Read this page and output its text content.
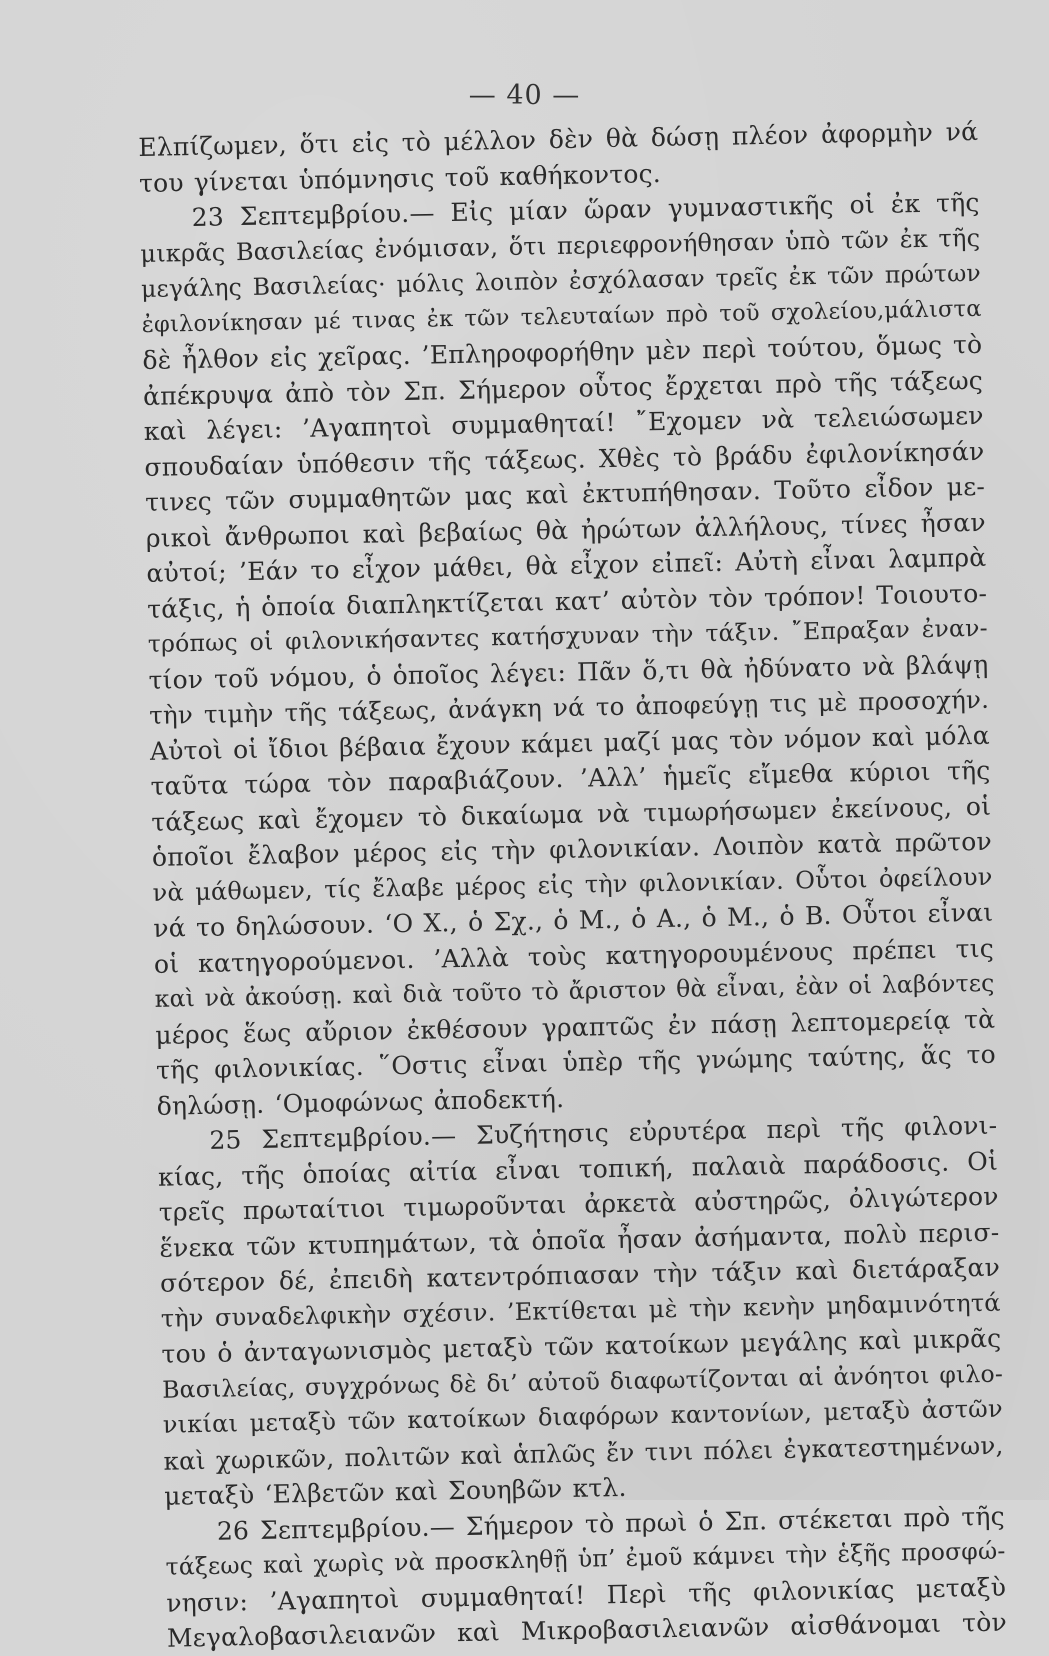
— 40 —
Ελπίζωμεν, ὅτι εἰς τὸ μέλλον δὲν θὰ δώσῃ πλέον ἀφορμὴν νά
του γίνεται ὑπόμνησις τοῦ καθήκοντος.
23 Σεπτεμβρίου.— Εἰς μίαν ὥραν γυμναστικῆς οἱ ἐκ τῆς
μικρᾶς Βασιλείας ἐνόμισαν, ὅτι περιεφρονήθησαν ὑπὸ τῶν ἐκ τῆς
μεγάλης Βασιλείας· μόλις λοιπὸν ἐσχόλασαν τρεῖς ἐκ τῶν πρώτων
ἐφιλονίκησαν μέ τινας ἐκ τῶν τελευταίων πρὸ τοῦ σχολείου,μάλιστα
δὲ ἦλθον εἰς χεῖρας. ’Επληροφορήθην μὲν περὶ τούτου, ὅμως τὸ
ἀπέκρυψα ἀπὸ τὸν Σπ. Σήμερον οὗτος ἔρχεται πρὸ τῆς τάξεως
καὶ λέγει: ’Αγαπητοὶ συμμαθηταί! ῎Εχομεν νὰ τελειώσωμεν
σπουδαίαν ὑπόθεσιν τῆς τάξεως. Χθὲς τὸ βράδυ ἐφιλονίκησάν
τινες τῶν συμμαθητῶν μας καὶ ἐκτυπήθησαν. Τοῦτο εἶδον με-
ρικοὶ ἄνθρωποι καὶ βεβαίως θὰ ἠρώτων ἀλλήλους, τίνες ἦσαν
αὐτοί; ’Εάν το εἶχον μάθει, θὰ εἶχον εἰπεῖ: Αὐτὴ εἶναι λαμπρὰ
τάξις, ἡ ὁποία διαπληκτίζεται κατ’ αὐτὸν τὸν τρόπον! Τοιουτο-
τρόπως οἱ φιλονικήσαντες κατήσχυναν τὴν τάξιν. ῎Επραξαν ἐναν-
τίον τοῦ νόμου, ὁ ὁποῖος λέγει: Πᾶν ὅ,τι θὰ ἠδύνατο νὰ βλάψῃ
τὴν τιμὴν τῆς τάξεως, ἀνάγκη νά το ἀποφεύγῃ τις μὲ προσοχήν.
Αὐτοὶ οἱ ἴδιοι βέβαια ἔχουν κάμει μαζί μας τὸν νόμον καὶ μόλα
ταῦτα τώρα τὸν παραβιάζουν. ’Αλλ’ ἡμεῖς εἴμεθα κύριοι τῆς
τάξεως καὶ ἔχομεν τὸ δικαίωμα νὰ τιμωρήσωμεν ἐκείνους, οἱ
ὁποῖοι ἔλαβον μέρος εἰς τὴν φιλονικίαν. Λοιπὸν κατὰ πρῶτον
νὰ μάθωμεν, τίς ἔλαβε μέρος εἰς τὴν φιλονικίαν. Οὗτοι ὀφείλουν
νά το δηλώσουν. ‘Ο Χ., ὁ Σχ., ὁ Μ., ὁ Α., ὁ Μ., ὁ Β. Οὗτοι εἶναι
οἱ κατηγορούμενοι. ’Αλλὰ τοὺς κατηγορουμένους πρέπει τις
καὶ νὰ ἀκούσῃ. καὶ διὰ τοῦτο τὸ ἄριστον θὰ εἶναι, ἐὰν οἱ λαβόντες
μέρος ἕως αὔριον ἐκθέσουν γραπτῶς ἐν πάσῃ λεπτομερείᾳ τὰ
τῆς φιλονικίας. ῞Οστις εἶναι ὑπὲρ τῆς γνώμης ταύτης, ἅς το
δηλώσῃ. ‘Ομοφώνως ἀποδεκτή.
25 Σεπτεμβρίου.— Συζήτησις εὐρυτέρα περὶ τῆς φιλονι-
κίας, τῆς ὁποίας αἰτία εἶναι τοπική, παλαιὰ παράδοσις. Οἱ
τρεῖς πρωταίτιοι τιμωροῦνται ἀρκετὰ αὐστηρῶς, ὀλιγώτερον
ἕνεκα τῶν κτυπημάτων, τὰ ὁποῖα ἦσαν ἀσήμαντα, πολὺ περισ-
σότερον δέ, ἐπειδὴ κατεντρόπιασαν τὴν τάξιν καὶ διετάραξαν
τὴν συναδελφικὴν σχέσιν. ’Εκτίθεται μὲ τὴν κενὴν μηδαμινότητά
του ὁ ἀνταγωνισμὸς μεταξὺ τῶν κατοίκων μεγάλης καὶ μικρᾶς
Βασιλείας, συγχρόνως δὲ δι’ αὐτοῦ διαφωτίζονται αἱ ἀνόητοι φιλο-
νικίαι μεταξὺ τῶν κατοίκων διαφόρων καντονίων, μεταξὺ ἀστῶν
καὶ χωρικῶν, πολιτῶν καὶ ἁπλῶς ἔν τινι πόλει ἐγκατεστημένων,
μεταξὺ ‘Ελβετῶν καὶ Σουηβῶν κτλ.
26 Σεπτεμβρίου.— Σήμερον τὸ πρωὶ ὁ Σπ. στέκεται πρὸ τῆς
τάξεως καὶ χωρὶς νὰ προσκληθῇ ὑπ’ ἐμοῦ κάμνει τὴν ἑξῆς προσφώ-
νησιν: ’Αγαπητοὶ συμμαθηταί! Περὶ τῆς φιλονικίας μεταξὺ
Μεγαλοβασιλειανῶν καὶ Μικροβασιλειανῶν αἰσθάνομαι τὸν
